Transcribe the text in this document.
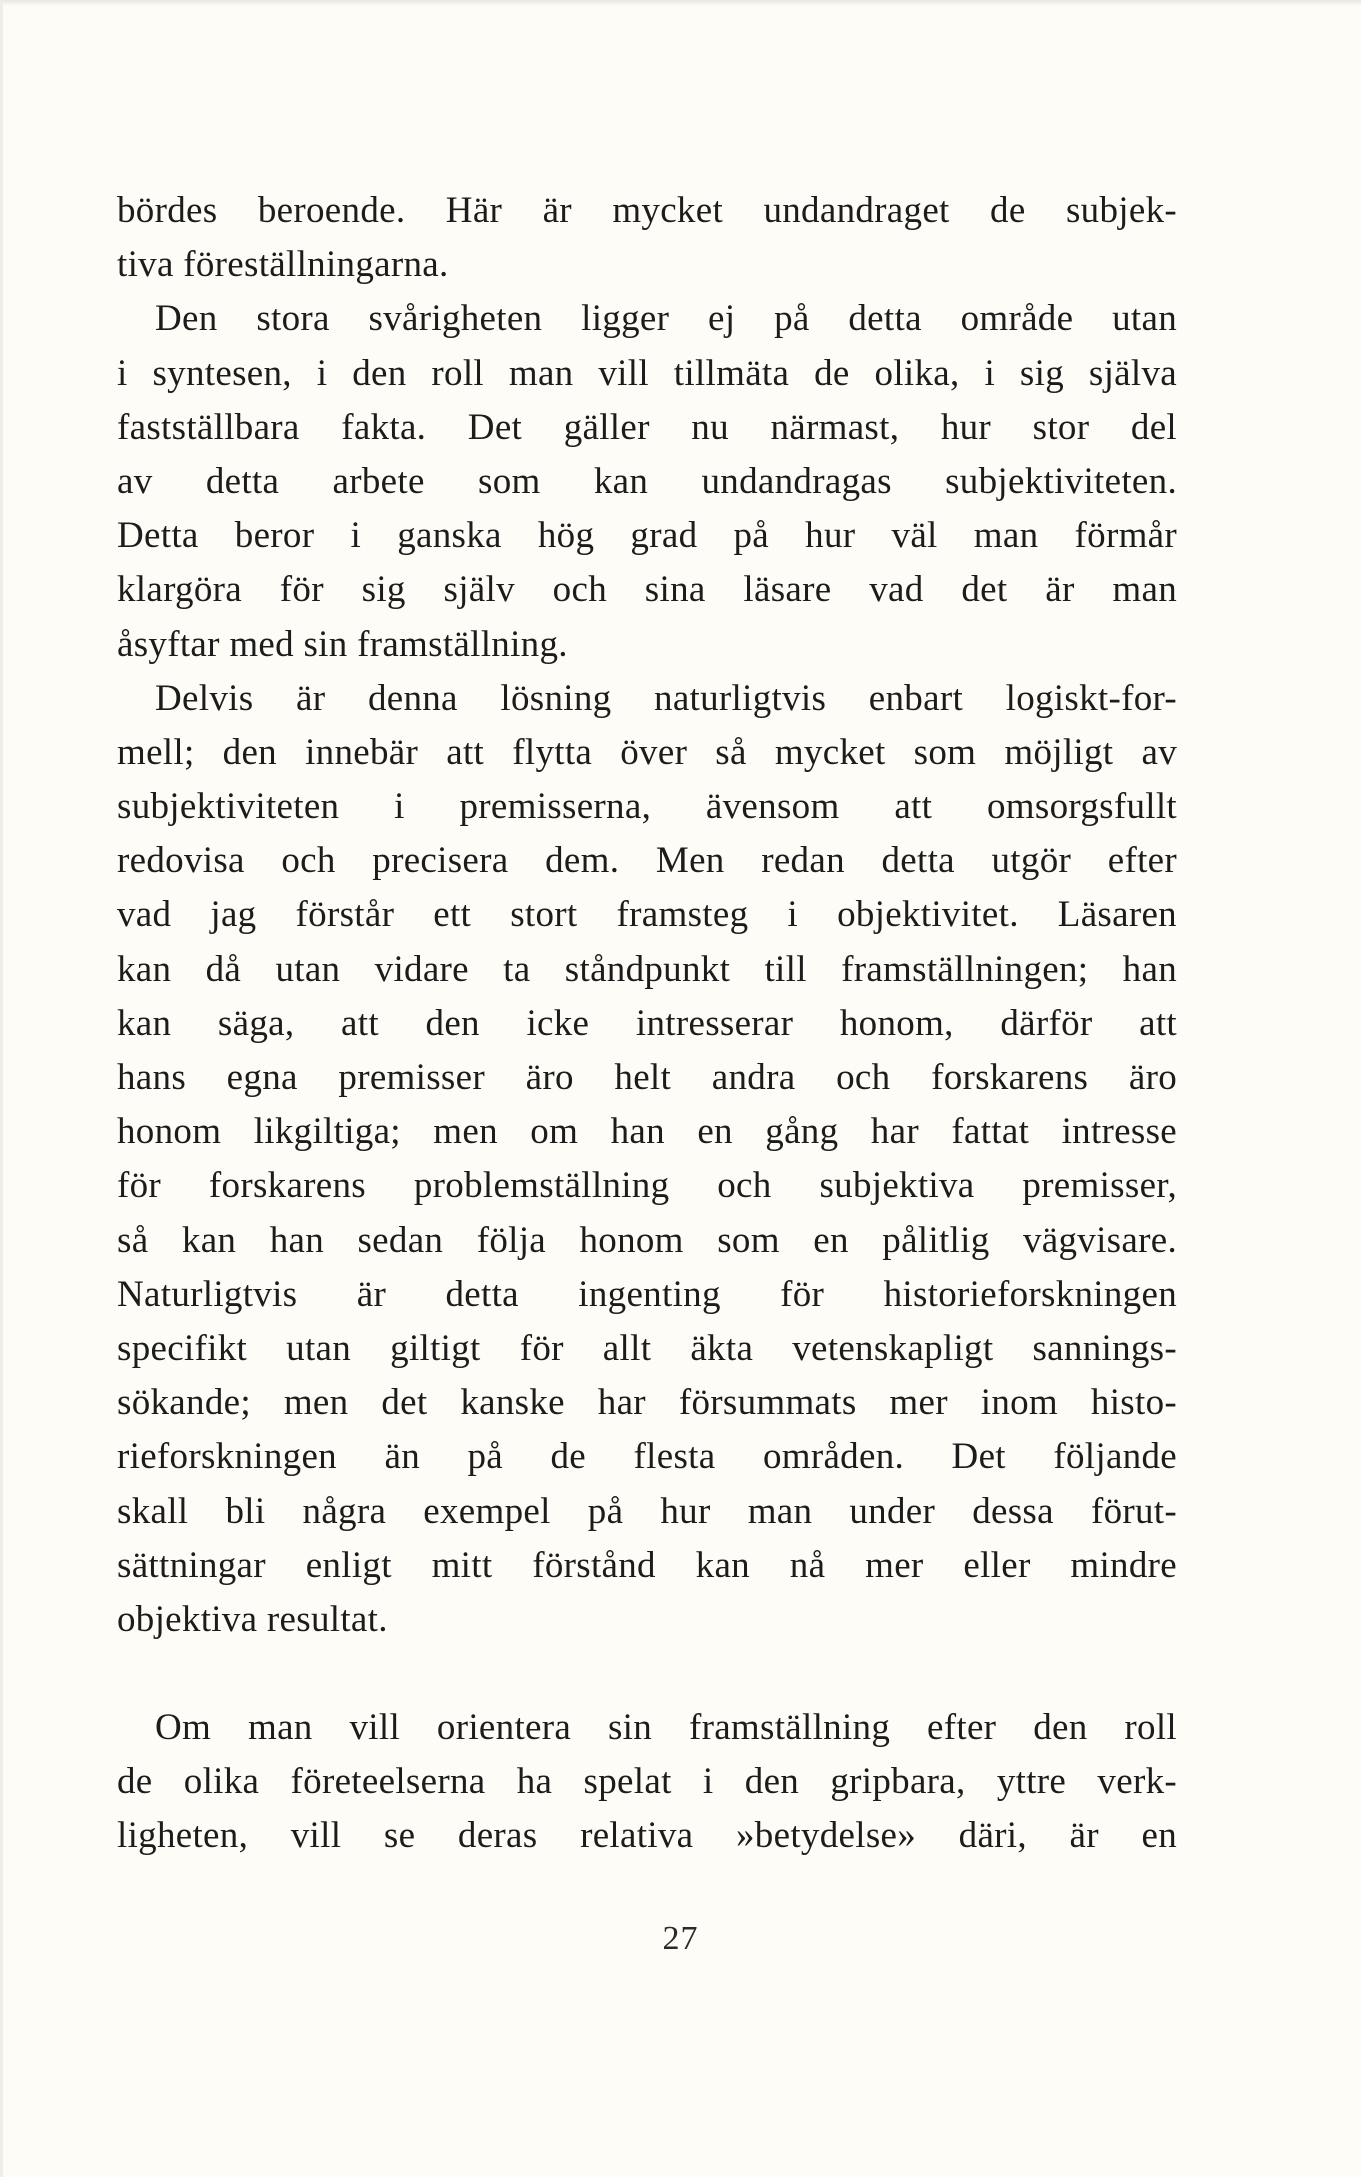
bördes beroende. Här är mycket undandraget de subjek-
tiva föreställningarna.
Den stora svårigheten ligger ej på detta område utan
i syntesen, i den roll man vill tillmäta de olika, i sig själva
fastställbara fakta. Det gäller nu närmast, hur stor del
av detta arbete som kan undandragas subjektiviteten.
Detta beror i ganska hög grad på hur väl man förmår
klargöra för sig själv och sina läsare vad det är man
åsyftar med sin framställning.
Delvis är denna lösning naturligtvis enbart logiskt-for-
mell; den innebär att flytta över så mycket som möjligt av
subjektiviteten i premisserna, ävensom att omsorgsfullt
redovisa och precisera dem. Men redan detta utgör efter
vad jag förstår ett stort framsteg i objektivitet. Läsaren
kan då utan vidare ta ståndpunkt till framställningen; han
kan säga, att den icke intresserar honom, därför att
hans egna premisser äro helt andra och forskarens äro
honom likgiltiga; men om han en gång har fattat intresse
för forskarens problemställning och subjektiva premisser,
så kan han sedan följa honom som en pålitlig vägvisare.
Naturligtvis är detta ingenting för historieforskningen
specifikt utan giltigt för allt äkta vetenskapligt sannings-
sökande; men det kanske har försummats mer inom histo-
rieforskningen än på de flesta områden. Det följande
skall bli några exempel på hur man under dessa förut-
sättningar enligt mitt förstånd kan nå mer eller mindre
objektiva resultat.
Om man vill orientera sin framställning efter den roll
de olika företeelserna ha spelat i den gripbara, yttre verk-
ligheten, vill se deras relativa »betydelse» däri, är en
27
